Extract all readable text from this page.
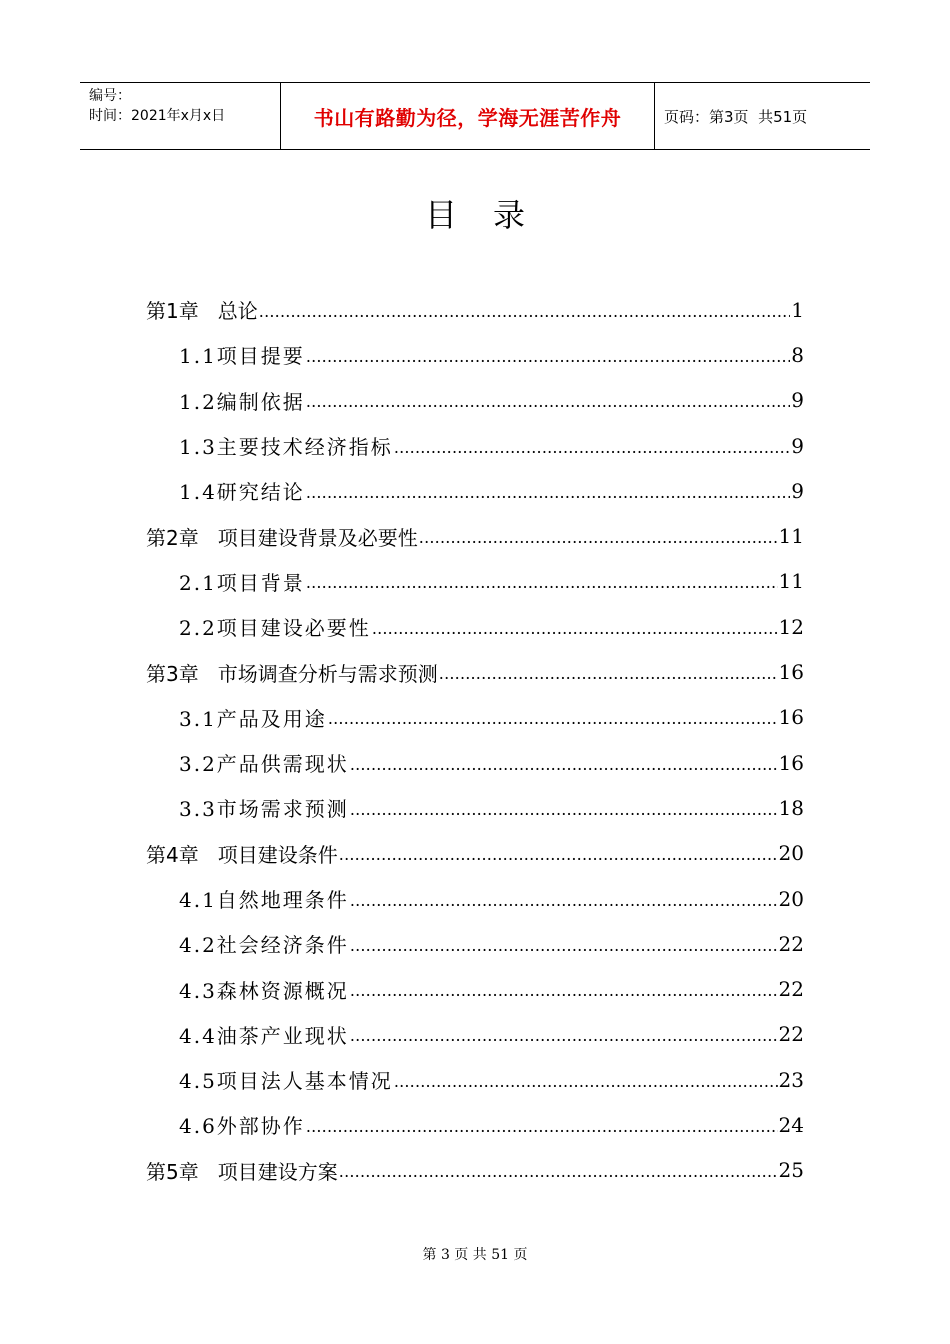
编号：
时间：2021年x月x日	书山有路勤为径，学海无涯苦作舟	页码：第3页  共51页
目录
第1章   总论 .....	1
1.1项目提要 .....	8
1.2编制依据 .....	9
1.3主要技术经济指标 .....	9
1.4研究结论 .....	9
第2章   项目建设背景及必要性 .....	11
2.1项目背景 .....	11
2.2项目建设必要性 .....	12
第3章   市场调查分析与需求预测 .....	16
3.1产品及用途 .....	16
3.2产品供需现状 .....	16
3.3市场需求预测 .....	18
第4章   项目建设条件 .....	20
4.1自然地理条件 .....	20
4.2社会经济条件 .....	22
4.3森林资源概况 .....	22
4.4油茶产业现状 .....	22
4.5项目法人基本情况 .....	23
4.6外部协作 .....	24
第5章   项目建设方案 .....	25
第 3 页 共 51 页
